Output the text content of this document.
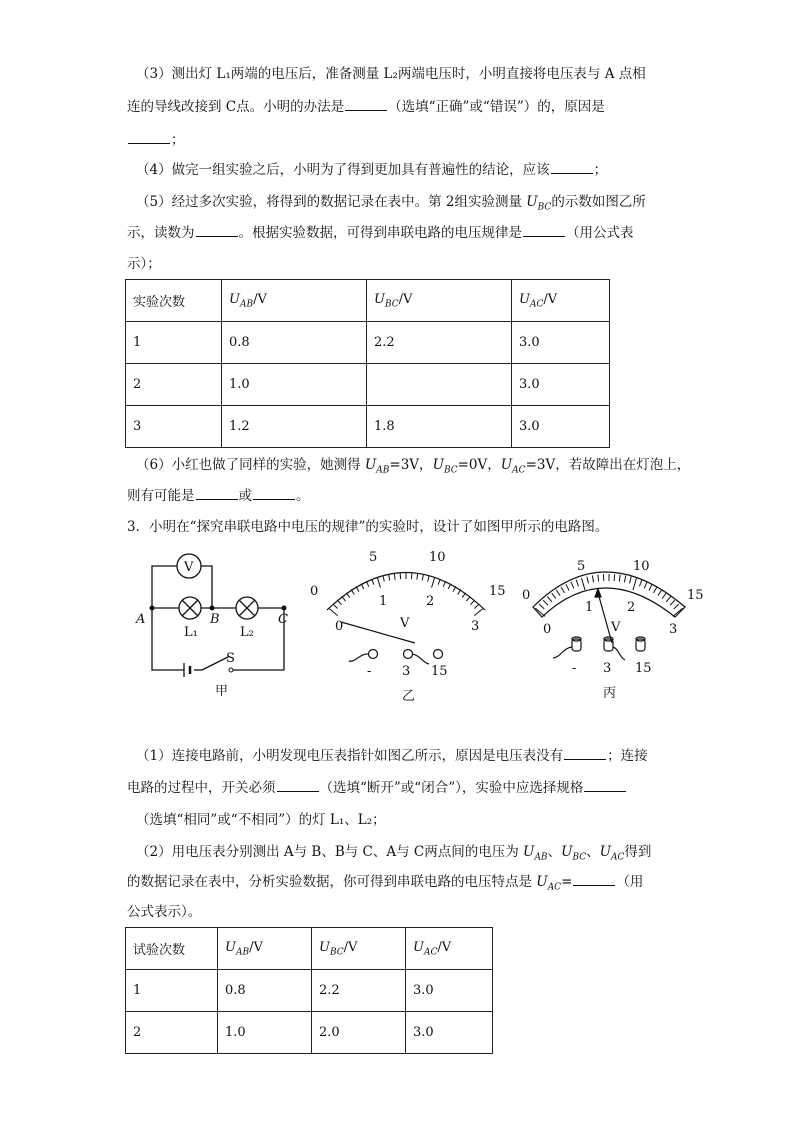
（3）测出灯 L₁两端的电压后，准备测量 L₂两端电压时，小明直接将电压表与 A 点相
连的导线改接到 C点。小明的办法是	（选填“正确”或“错误”）的，原因是
；
（4）做完一组实验之后，小明为了得到更加具有普遍性的结论，应该	；
（5）经过多次实验，将得到的数据记录在表中。第 2组实验测量 $U_{BC}$的示数如图乙所
示，读数为	。根据实验数据，可得到串联电路的电压规律是	（用公式表
示）；
实验次数	$U_{AB}/V$	$U_{BC}/V$	$U_{AC}/V$
1	0.8	2.2	3.0
2	1.0		3.0
3	1.2	1.8	3.0
（6）小红也做了同样的实验，她测得 $U_{AB}=3V$，$U_{BC}=0V$，$U_{AC}=3V$，若故障出在灯泡上，
则有可能是	或	。
3．小明在“探究串联电路中电压的规律”的实验时，设计了如图甲所示的电路图。
V
A	B	C
L₁	L₂
S
甲
0
5	10
15
0
1	2
3
V
- 3 15
乙
0
5	10
15
0
1	2
3
V
- 3 15
丙
（1）连接电路前，小明发现电压表指针如图乙所示，原因是电压表没有	；连接
电路的过程中，开关必须	（选填“断开”或“闭合”），实验中应选择规格
（选填“相同”或“不相同”）的灯 L₁、L₂；
（2）用电压表分别测出 A与 B、B与 C、A与 C两点间的电压为 $U_{AB}$、$U_{BC}$、$U_{AC}$得到
的数据记录在表中，分析实验数据，你可得到串联电路的电压特点是 $U_{AC}=$	（用
公式表示）。
试验次数	$U_{AB}/V$	$U_{BC}/V$	$U_{AC}/V$
1	0.8	2.2	3.0
2	1.0	2.0	3.0
